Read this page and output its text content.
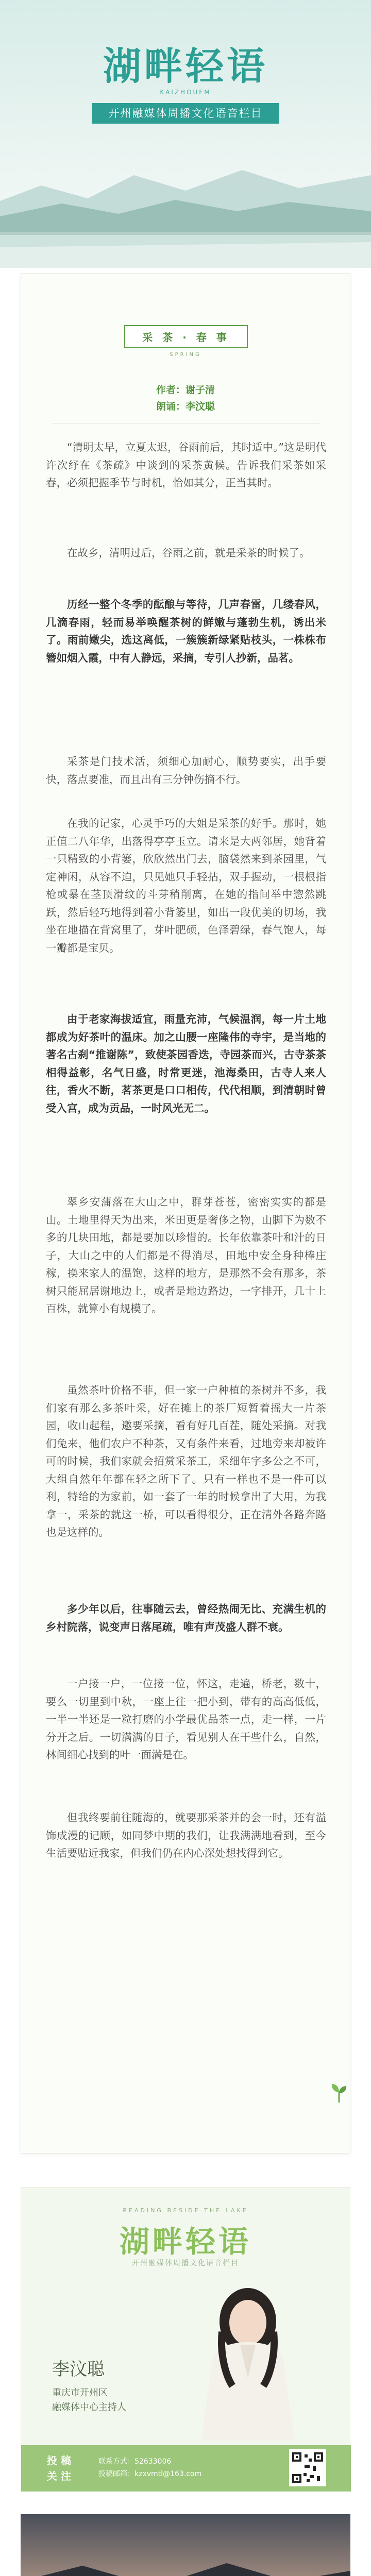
湖畔轻语
KAIZHOUFM
开州融媒体周播文化语音栏目
采 茶 · 春 事
SPRING
作者：谢子清
朗诵：李汶聪
“清明太早，立夏太迟，谷雨前后，其时适中。”这是明代许次纾在《茶疏》中谈到的采茶黄候。告诉我们采茶如采春，必须把握季节与时机，恰如其分，正当其时。
在故乡，清明过后，谷雨之前，就是采茶的时候了。
历经一整个冬季的酝酿与等待，几声春雷，几缕春风，几滴春雨，轻而易举唤醒茶树的鲜嫩与蓬勃生机，诱出米了。雨前嫩尖，选这离低，一簇簇新绿紧贴枝头，一株株布簪如烟入霞，中有人静远，采摘，专引人抄新，品茗。
采茶是门技术活，须细心加耐心，顺势要实，出手要快，落点要准，而且出有三分钟伤摘不行。
在我的记家，心灵手巧的大姐是采茶的好手。那时，她正值二八年华，出落得亭亭玉立。请来是大两邻居，她背着一只精致的小背篓，欣欣然出门去，脑袋然来到茶园里，气定神闲，从容不迫，只见她只手轻拈，双手握动，一根根指枪或暴在茎顶滑纹的斗芽稍削离，在她的指间举中惣然跳跃，然后轻巧地得到着小背篓里，如出一段优美的切场，我坐在地描在背窝里了，芽叶肥硕，色泽碧绿，春气饱人，每一瓣都是宝贝。
由于老家海拔适宜，雨量充沛，气候温润，每一片土地都成为好茶叶的温床。加之山腰一座隆伟的寺宇，是当地的著名古刹“推谢陈”，致使茶园香迭，寺园茶而兴，古寺茶茶相得益彰，名气日盛，时常更迷，池海桑田，古寺人来人往，香火不断，茗茶更是口口相传，代代相顺，到清朝时曾受入宫，成为贡品，一时风光无二。
翠乡安蒲落在大山之中，群芽苍苍，密密实实的都是山。土地里得天为出来，米田更是奢侈之物，山脚下为数不多的几块田地，都是要加以珍惜的。长年依靠茶叶和汁的日子，大山之中的人们都是不得消尽，田地中安全身种棒庄稼，换来家人的温饱，这样的地方，是那然不会有那多，茶树只能屈居谢地边上，或者是地边路边，一字排开，几十上百株，就算小有规模了。
虽然茶叶价格不菲，但一家一户种植的茶树并不多，我们家有那么多茶叶采，好在摊上的茶厂短暂着摇大一片茶园，收山起程，邀要采摘，看有好几百茬，随处采摘。对我们兔来，他们农户不种茶，又有条件来看，过地旁来却被许可的时候，我们家就会招赏采茶工，采细年字多公之不可，大组自然年年都在轻之所下了。只有一样也不是一件可以利，特给的为家前，如一套了一年的时候拿出了大用，为我拿一，采茶的就这一桥，可以看得很分，正在清外各路奔路也是这样的。
多少年以后，往事随云去，曾经热闹无比、充满生机的乡村院落，说变声日落尾疏，唯有声茂盛人群不衰。
一户接一户，一位接一位，怀这，走遍，桥老，数十，要么一切里到中秋，一座上往一把小到，带有的高高低低，一半一半还是一粒打磨的小学最优品茶一点，走一样，一片分开之后。一切满满的日子，看见别人在干些什么，自然，林间细心找到的叶一面满是在。
但我终要前往随海的，就要那采茶并的会一时，还有溢饰成漫的记顾，如同梦中期的我们，让我满满地看到，至今生活要贴近我家，但我们仍在内心深处想找得到它。
READING BESIDE THE LAKE
湖畔轻语
开州融媒体周播文化语音栏目
李汶聪
重庆市开州区
融媒体中心主持人
投 稿
关 注
联系方式：52633006
投稿邮箱：kzxvmtl@163.com
